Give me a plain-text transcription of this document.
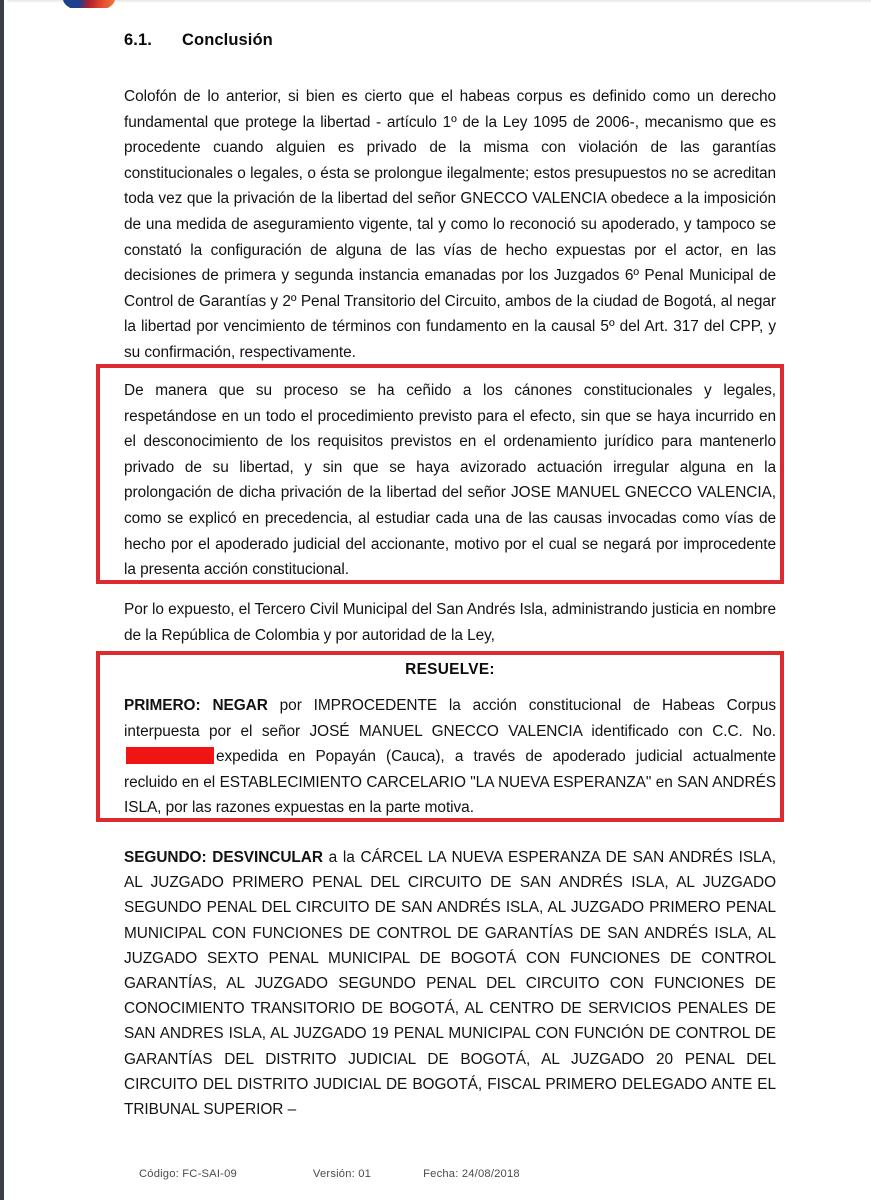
6.1. Conclusión

Colofón de lo anterior, si bien es cierto que el habeas corpus es definido como un derecho fundamental que protege la libertad - artículo 1º de la Ley 1095 de 2006-, mecanismo que es procedente cuando alguien es privado de la misma con violación de las garantías constitucionales o legales, o ésta se prolongue ilegalmente; estos presupuestos no se acreditan toda vez que la privación de la libertad del señor GNECCO VALENCIA obedece a la imposición de una medida de aseguramiento vigente, tal y como lo reconoció su apoderado, y tampoco se constató la configuración de alguna de las vías de hecho expuestas por el actor, en las decisiones de primera y segunda instancia emanadas por los Juzgados 6º Penal Municipal de Control de Garantías y 2º Penal Transitorio del Circuito, ambos de la ciudad de Bogotá, al negar la libertad por vencimiento de términos con fundamento en la causal 5º del Art. 317 del CPP, y su confirmación, respectivamente.

De manera que su proceso se ha ceñido a los cánones constitucionales y legales, respetándose en un todo el procedimiento previsto para el efecto, sin que se haya incurrido en el desconocimiento de los requisitos previstos en el ordenamiento jurídico para mantenerlo privado de su libertad, y sin que se haya avizorado actuación irregular alguna en la prolongación de dicha privación de la libertad del señor JOSE MANUEL GNECCO VALENCIA, como se explicó en precedencia, al estudiar cada una de las causas invocadas como vías de hecho por el apoderado judicial del accionante, motivo por el cual se negará por improcedente la presenta acción constitucional.

Por lo expuesto, el Tercero Civil Municipal del San Andrés Isla, administrando justicia en nombre de la República de Colombia y por autoridad de la Ley,

RESUELVE:

PRIMERO: NEGAR por IMPROCEDENTE la acción constitucional de Habeas Corpus interpuesta por el señor JOSÉ MANUEL GNECCO VALENCIA identificado con C.C. No.expedida en Popayán (Cauca), a través de apoderado judicial actualmente recluido en el ESTABLECIMIENTO CARCELARIO "LA NUEVA ESPERANZA" en SAN ANDRÉS ISLA, por las razones expuestas en la parte motiva.

SEGUNDO: DESVINCULAR a la CÁRCEL LA NUEVA ESPERANZA DE SAN ANDRÉS ISLA, AL JUZGADO PRIMERO PENAL DEL CIRCUITO DE SAN ANDRÉS ISLA, AL JUZGADO SEGUNDO PENAL DEL CIRCUITO DE SAN ANDRÉS ISLA, AL JUZGADO PRIMERO PENAL MUNICIPAL CON FUNCIONES DE CONTROL DE GARANTÍAS DE SAN ANDRÉS ISLA, AL JUZGADO SEXTO PENAL MUNICIPAL DE BOGOTÁ CON FUNCIONES DE CONTROL GARANTÍAS, AL JUZGADO SEGUNDO PENAL DEL CIRCUITO CON FUNCIONES DE CONOCIMIENTO TRANSITORIO DE BOGOTÁ, AL CENTRO DE SERVICIOS PENALES DE SAN ANDRES ISLA, AL JUZGADO 19 PENAL MUNICIPAL CON FUNCIÓN DE CONTROL DE GARANTÍAS DEL DISTRITO JUDICIAL DE BOGOTÁ, AL JUZGADO 20 PENAL DEL CIRCUITO DEL DISTRITO JUDICIAL DE BOGOTÁ, FISCAL PRIMERO DELEGADO ANTE EL TRIBUNAL SUPERIOR –

Código: FC-SAI-09	Versión: 01	Fecha: 24/08/2018
